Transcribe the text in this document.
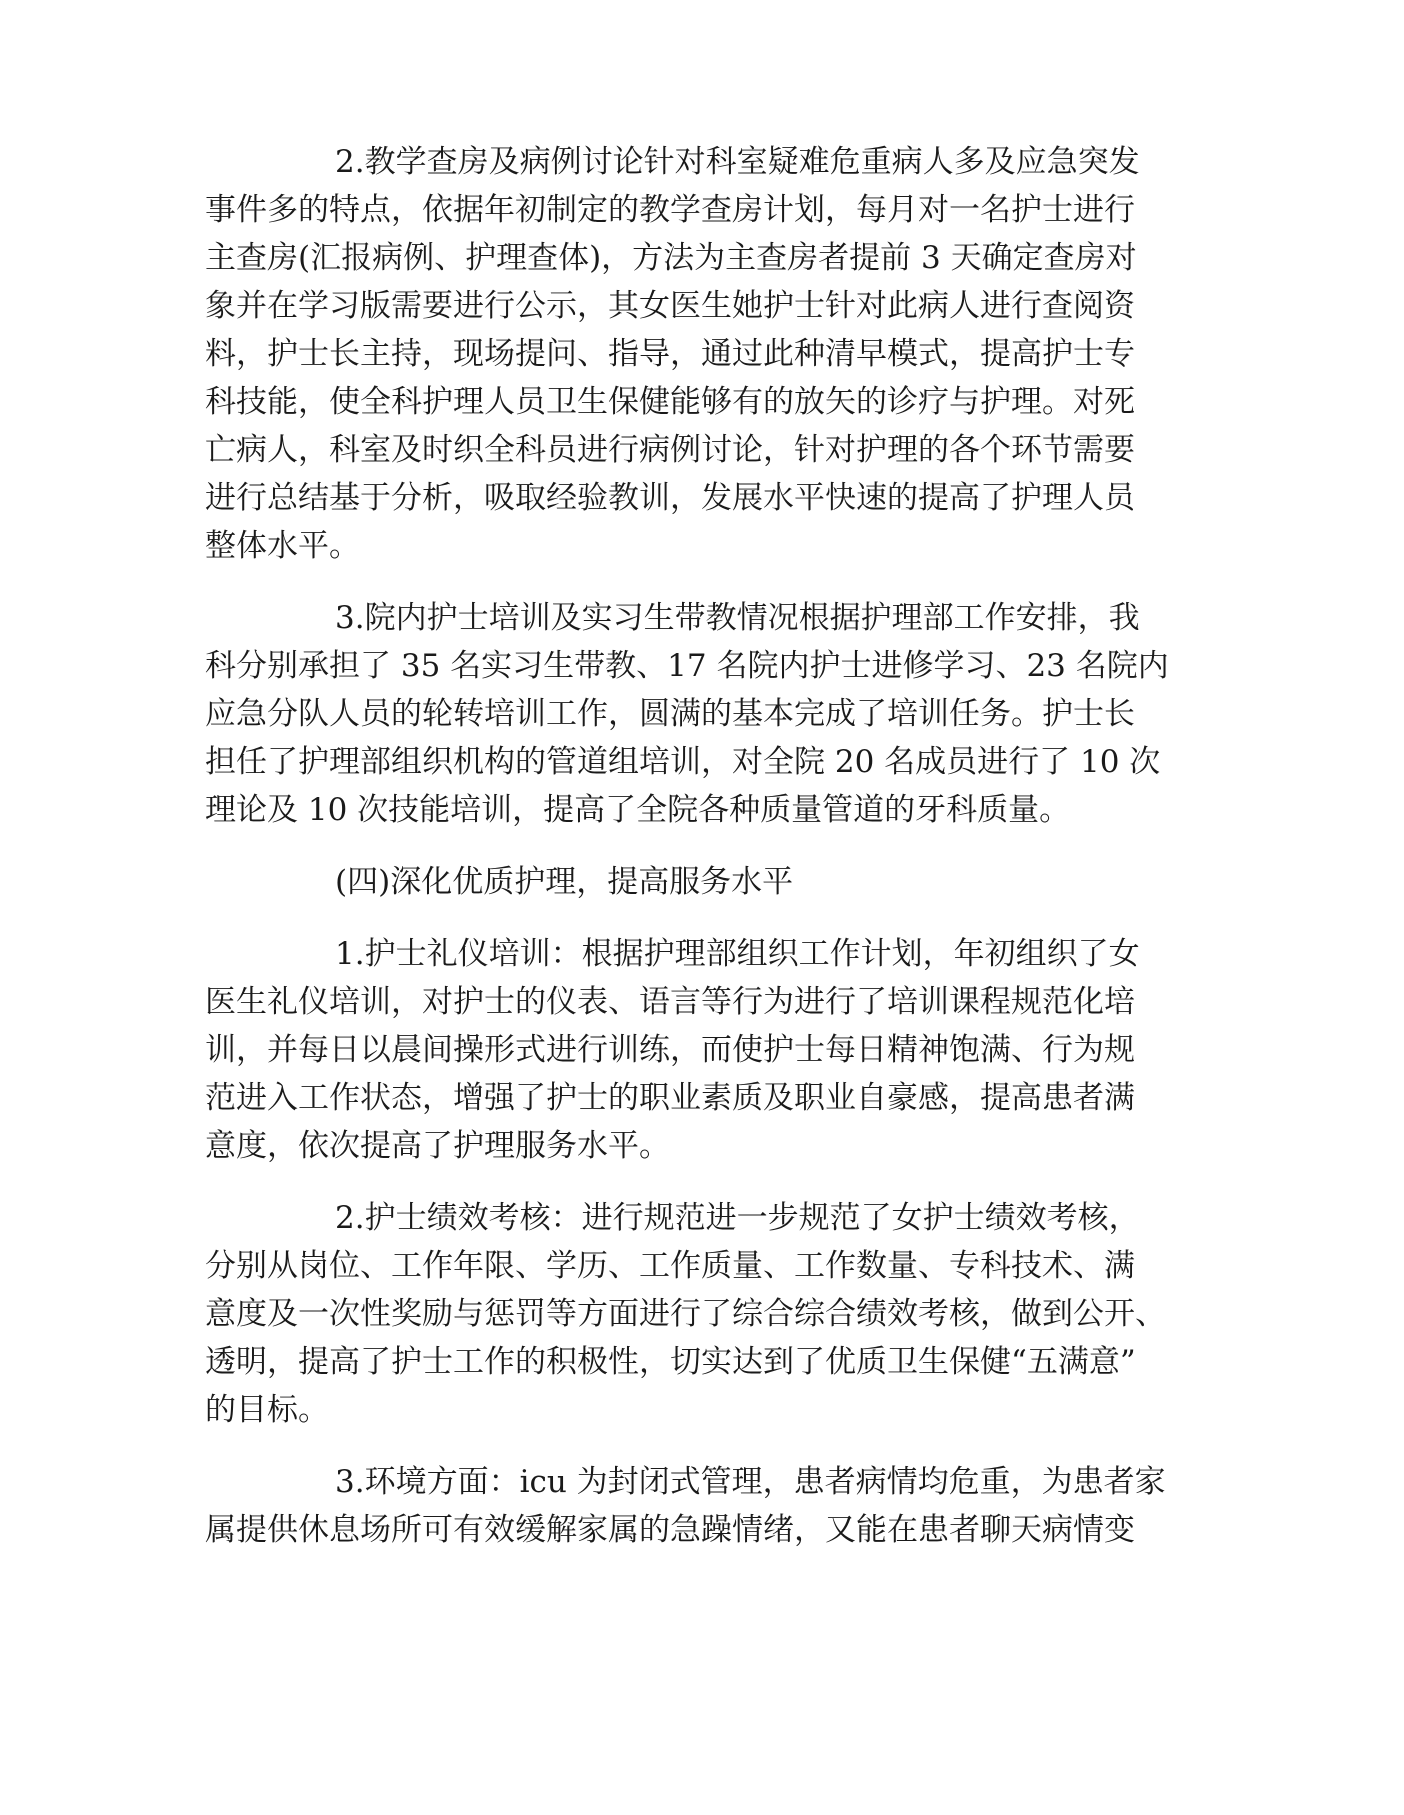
2.教学查房及病例讨论针对科室疑难危重病人多及应急突发
事件多的特点，依据年初制定的教学查房计划，每月对一名护士进行
主查房(汇报病例、护理查体)，方法为主查房者提前 3 天确定查房对
象并在学习版需要进行公示，其女医生她护士针对此病人进行查阅资
料，护士长主持，现场提问、指导，通过此种清早模式，提高护士专
科技能，使全科护理人员卫生保健能够有的放矢的诊疗与护理。对死
亡病人，科室及时织全科员进行病例讨论，针对护理的各个环节需要
进行总结基于分析，吸取经验教训，发展水平快速的提高了护理人员
整体水平。

3.院内护士培训及实习生带教情况根据护理部工作安排，我
科分别承担了 35 名实习生带教、17 名院内护士进修学习、23 名院内
应急分队人员的轮转培训工作，圆满的基本完成了培训任务。护士长
担任了护理部组织机构的管道组培训，对全院 20 名成员进行了 10 次
理论及 10 次技能培训，提高了全院各种质量管道的牙科质量。

(四)深化优质护理，提高服务水平

1.护士礼仪培训：根据护理部组织工作计划，年初组织了女
医生礼仪培训，对护士的仪表、语言等行为进行了培训课程规范化培
训，并每日以晨间操形式进行训练，而使护士每日精神饱满、行为规
范进入工作状态，增强了护士的职业素质及职业自豪感，提高患者满
意度，依次提高了护理服务水平。

2.护士绩效考核：进行规范进一步规范了女护士绩效考核，
分别从岗位、工作年限、学历、工作质量、工作数量、专科技术、满
意度及一次性奖励与惩罚等方面进行了综合综合绩效考核，做到公开、
透明，提高了护士工作的积极性，切实达到了优质卫生保健“五满意”
的目标。

3.环境方面：icu 为封闭式管理，患者病情均危重，为患者家
属提供休息场所可有效缓解家属的急躁情绪，又能在患者聊天病情变
